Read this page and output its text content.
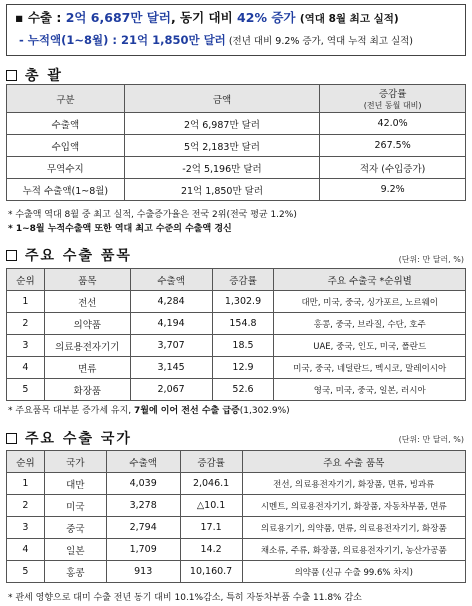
▪ 수출 : 2억 6,687만 달러, 동기 대비 42% 증가 (역대 8월 최고 실적)
- 누적액(1~8월) : 21억 1,850만 달러 (전년 대비 9.2% 증가, 역대 누적 최고 실적)
총 괄
구분	금액	증감률
(전년 동월 대비)

수출액	2억 6,987만 달러	42.0%
수입액	5억 2,183만 달러	267.5%
무역수지	-2억 5,196만 달러	적자 (수입증가)
누적 수출액(1~8월)	21억 1,850만 달러	9.2%
* 수출액 역대 8월 중 최고 실적, 수출증가율은 전국 2위(전국 평균 1.2%)
* 1~8월 누적수출액 또한 역대 최고 수준의 수출액 경신
주요 수출 품목	(단위: 만 달러, %)
순위	품목	수출액	증감률	주요 수출국 *순위별
1	전선	4,284	1,302.9	대만, 미국, 중국, 싱가포르, 노르웨이
2	의약품	4,194	154.8	홍콩, 중국, 브라질, 수단, 호주
3	의료용전자기기	3,707	18.5	UAE, 중국, 인도, 미국, 폴란드
4	면류	3,145	12.9	미국, 중국, 네덜란드, 멕시코, 말레이시아
5	화장품	2,067	52.6	영국, 미국, 중국, 일본, 러시아
* 주요품목 대부분 증가세 유지, 7월에 이어 전선 수출 급증(1,302.9%)
주요 수출 국가	(단위: 만 달러, %)
순위	국가	수출액	증감률	주요 수출 품목
1	대만	4,039	2,046.1	전선, 의료용전자기기, 화장품, 면류, 빙과류
2	미국	3,278	△10.1	시멘트, 의료용전자기기, 화장품, 자동차부품, 면류
3	중국	2,794	17.1	의료용기기, 의약품, 면류, 의료용전자기기, 화장품
4	일본	1,709	14.2	채소류, 주류, 화장품, 의료용전자기기, 농산가공품
5	홍콩	913	10,160.7	의약품 (신규 수출 99.6% 차지)
* 관세 영향으로 대미 수출 전년 동기 대비 10.1%감소, 특히 자동차부품 수출 11.8% 감소
